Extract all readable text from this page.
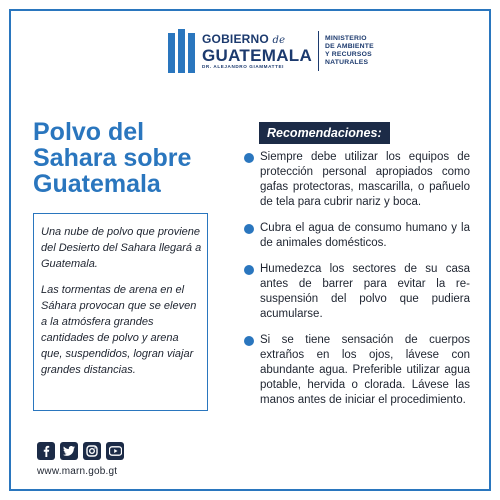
GOBIERNO de
GUATEMALA
DR. ALEJANDRO GIAMMATTEI
MINISTERIO
DE AMBIENTE
Y RECURSOS
NATURALES
Polvo del
Sahara sobre
Guatemala

Una nube de polvo que proviene del Desierto del Sahara llegará a Guatemala.

Las tormentas de arena en el Sáhara provocan que se eleven a la atmósfera grandes cantidades de polvo y arena que, suspendidos, logran viajar grandes distancias.

Recomendaciones:
Siempre debe utilizar los equipos de protección personal apropiados como gafas protectoras, mascarilla, o pañuelo de tela para cubrir nariz y boca.
Cubra el agua de consumo humano y la de animales domésticos.
Humedezca los sectores de su casa antes de barrer para evitar la re-suspensión del polvo que pudiera acumularse.
Si se tiene sensación de cuerpos extraños en los ojos, lávese con abundante agua. Preferible utilizar agua potable, hervida o clorada. Lávese las manos antes de iniciar el procedimiento.
www.marn.gob.gt
